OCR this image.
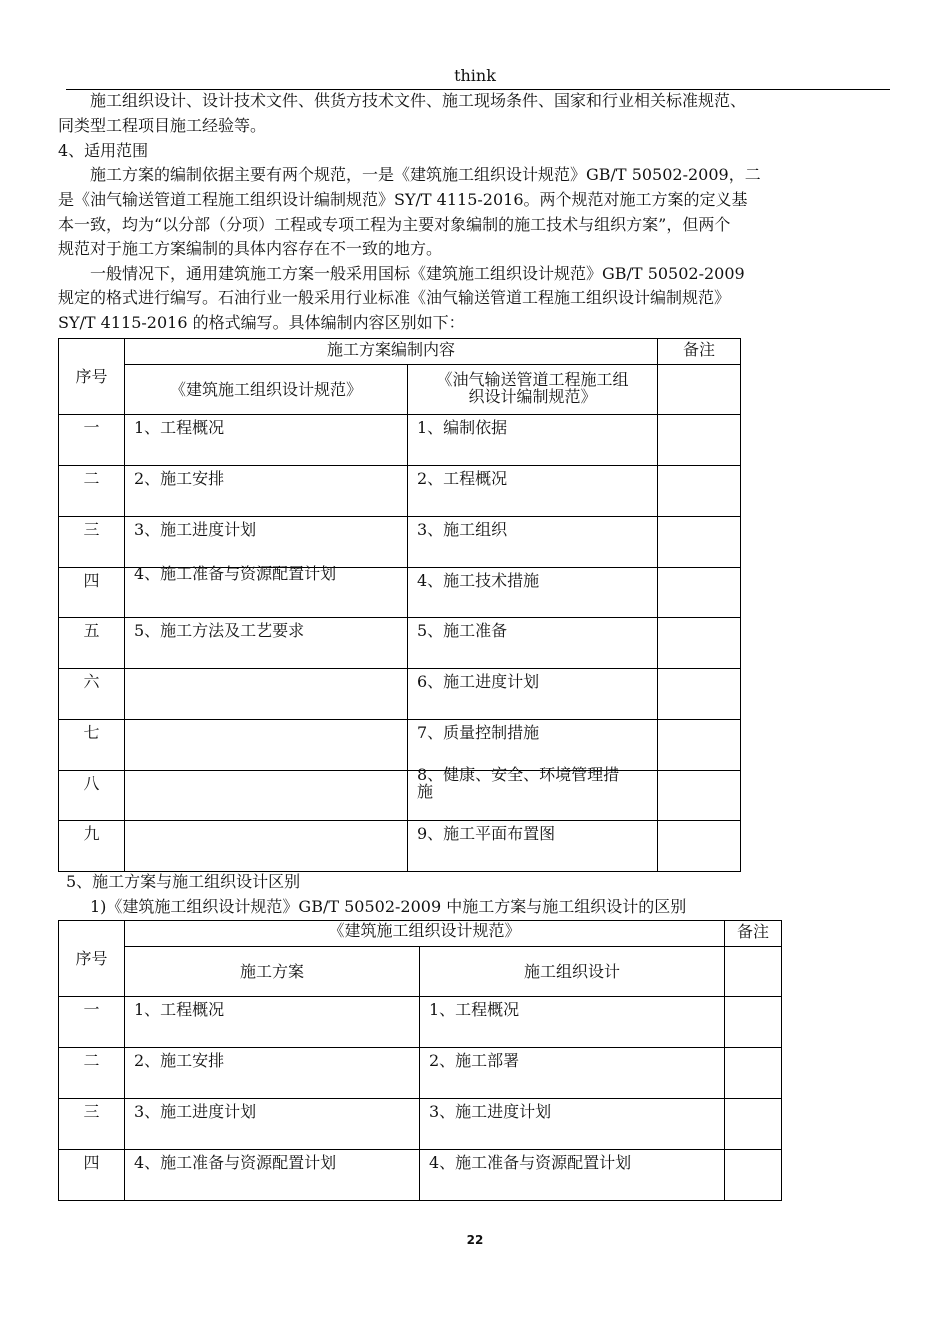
think
施工组织设计、设计技术文件、供货方技术文件、施工现场条件、国家和行业相关标准规范、
同类型工程项目施工经验等。
4、适用范围
施工方案的编制依据主要有两个规范，一是《建筑施工组织设计规范》GB/T 50502-2009，二
是《油气输送管道工程施工组织设计编制规范》SY/T 4115-2016。两个规范对施工方案的定义基
本一致，均为“以分部（分项）工程或专项工程为主要对象编制的施工技术与组织方案”，但两个
规范对于施工方案编制的具体内容存在不一致的地方。
一般情况下，通用建筑施工方案一般采用国标《建筑施工组织设计规范》GB/T 50502-2009
规定的格式进行编写。石油行业一般采用行业标准《油气输送管道工程施工组织设计编制规范》
SY/T 4115-2016 的格式编写。具体编制内容区别如下：
序号	施工方案编制内容		备注

	《建筑施工组织设计规范》	《油气输送管道工程施工组
织设计编制规范》	

一	1、工程概况	1、编制依据	

二	2、施工安排	2、工程概况	

三	3、施工进度计划	3、施工组织	

四	4、施工准备与资源配置计划	4、施工技术措施	

五	5、施工方法及工艺要求	5、施工准备	

六		6、施工进度计划	

七		7、质量控制措施	

八		8、健康、安全、环境管理措
施	

九		9、施工平面布置图	

5、施工方案与施工组织设计区别
1)《建筑施工组织设计规范》GB/T 50502-2009 中施工方案与施工组织设计的区别
序号	《建筑施工组织设计规范》		备注

	施工方案	施工组织设计	

一	1、工程概况	1、工程概况	

二	2、施工安排	2、施工部署	

三	3、施工进度计划	3、施工进度计划	

四	4、施工准备与资源配置计划	4、施工准备与资源配置计划	

22
